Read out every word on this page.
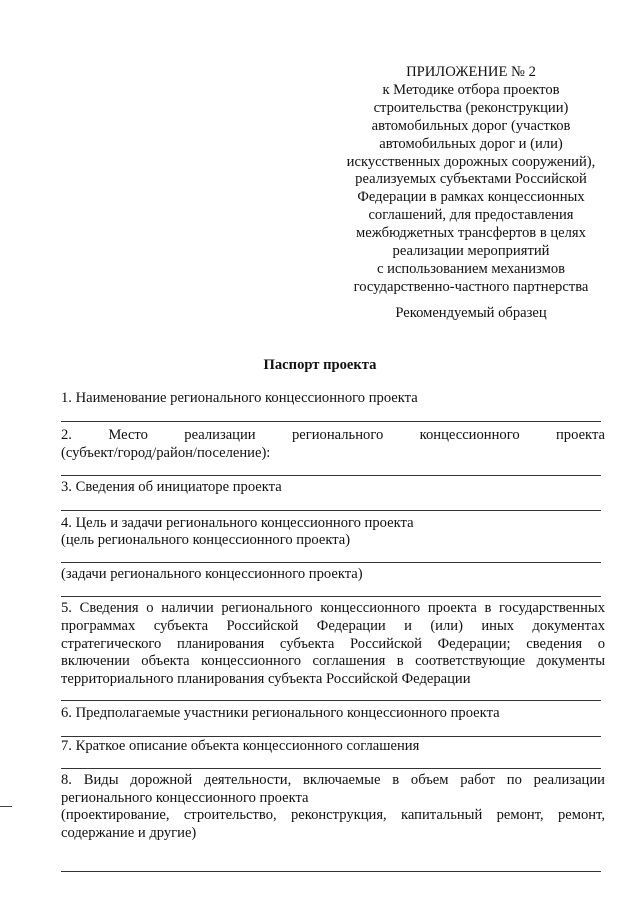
ПРИЛОЖЕНИЕ № 2
к Методике отбора проектов
строительства (реконструкции)
автомобильных дорог (участков
автомобильных дорог и (или)
искусственных дорожных сооружений),
реализуемых субъектами Российской
Федерации в рамках концессионных
соглашений, для предоставления
межбюджетных трансфертов в целях
реализации мероприятий
с использованием механизмов
государственно-частного партнерства
Рекомендуемый образец
Паспорт проекта
1. Наименование регионального концессионного проекта
2. Место реализации регионального концессионного проекта
(субъект/город/район/поселение):
3. Сведения об инициаторе проекта
4. Цель и задачи регионального концессионного проекта
(цель регионального концессионного проекта)
(задачи регионального концессионного проекта)
5. Сведения о наличии регионального концессионного проекта в государственных программах субъекта Российской Федерации и (или) иных документах стратегического планирования субъекта Российской Федерации; сведения о включении объекта концессионного соглашения в соответствующие документы территориального планирования субъекта Российской Федерации
6. Предполагаемые участники регионального концессионного проекта
7. Краткое описание объекта концессионного соглашения
8. Виды дорожной деятельности, включаемые в объем работ по реализации регионального концессионного проекта
(проектирование, строительство, реконструкция, капитальный ремонт, ремонт, содержание и другие)
